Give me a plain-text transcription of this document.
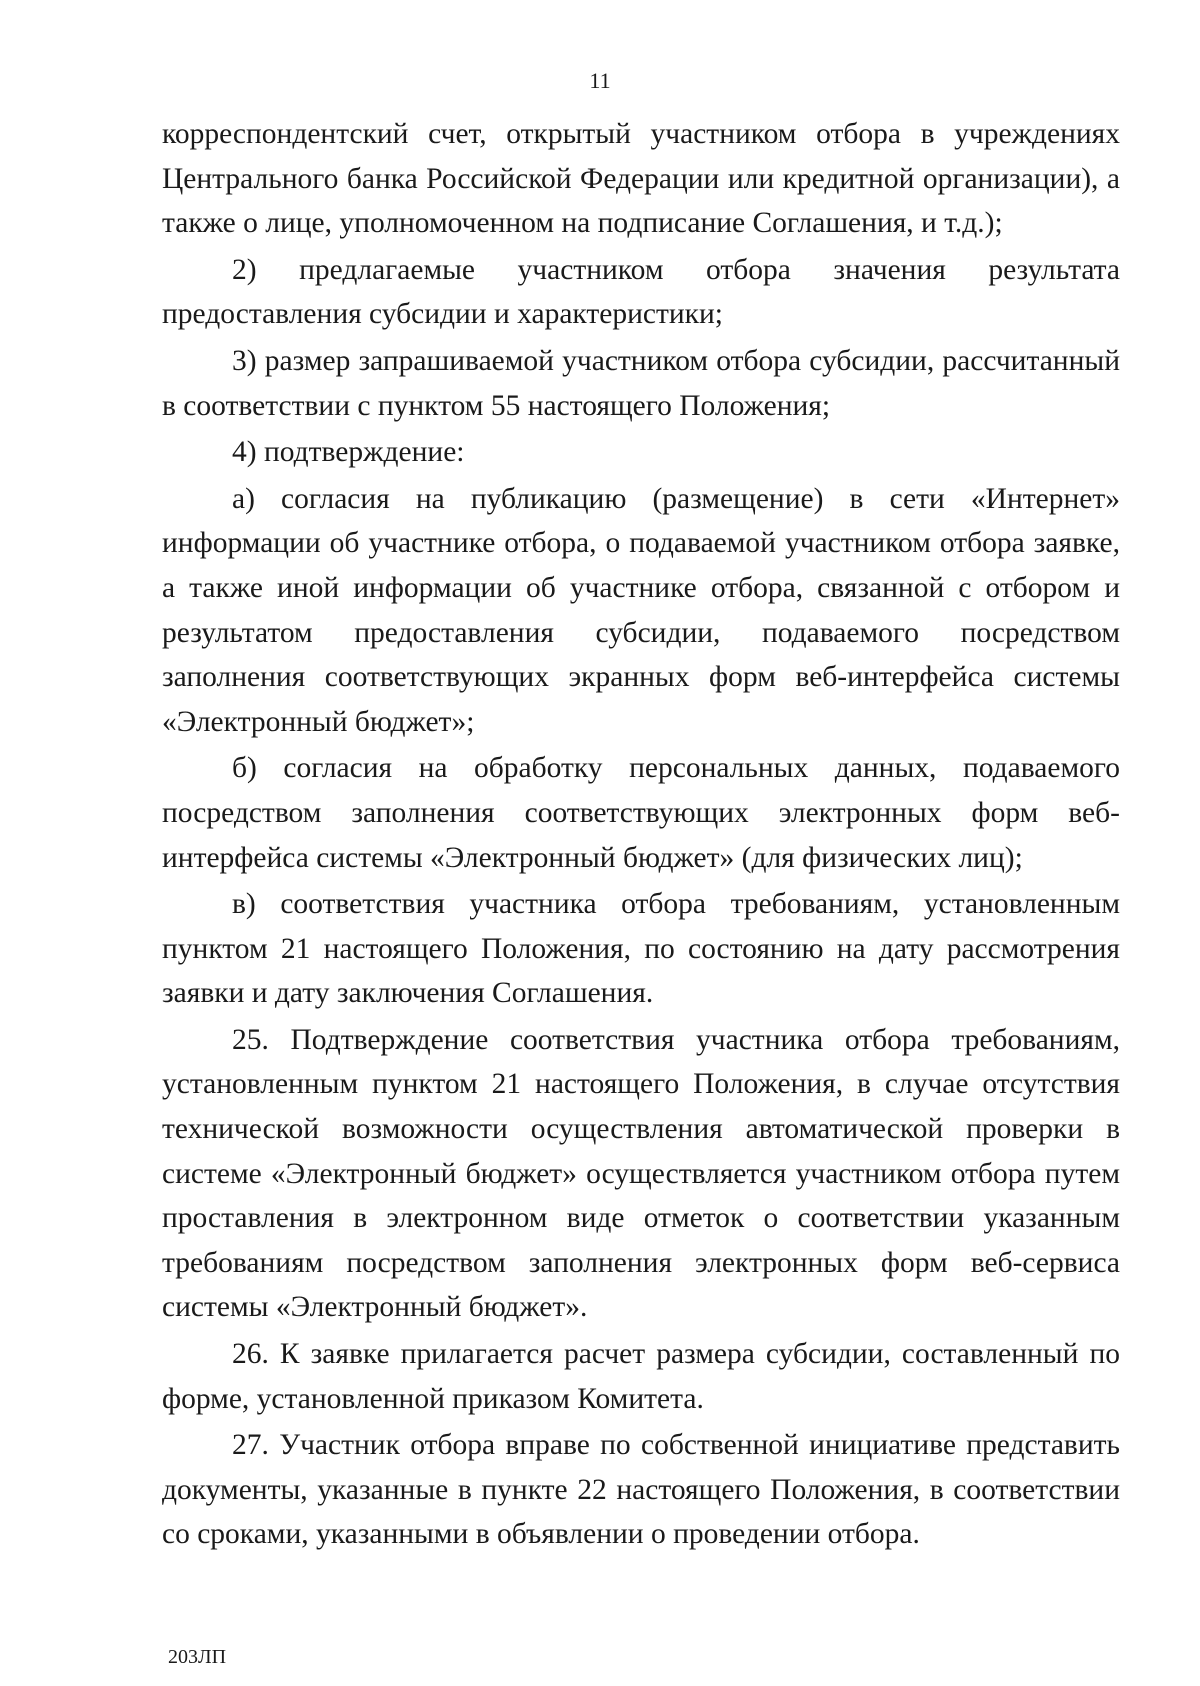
11

корреспондентский счет, открытый участником отбора в учреждениях Центрального банка Российской Федерации или кредитной организации), а также о лице, уполномоченном на подписание Соглашения, и т.д.);

2) предлагаемые участником отбора значения результата предоставления субсидии и характеристики;

3) размер запрашиваемой участником отбора субсидии, рассчитанный в соответствии с пунктом 55 настоящего Положения;

4) подтверждение:

а) согласия на публикацию (размещение) в сети «Интернет» информации об участнике отбора, о подаваемой участником отбора заявке, а также иной информации об участнике отбора, связанной с отбором и результатом предоставления субсидии, подаваемого посредством заполнения соответствующих экранных форм веб-интерфейса системы «Электронный бюджет»;

б) согласия на обработку персональных данных, подаваемого посредством заполнения соответствующих электронных форм веб-интерфейса системы «Электронный бюджет» (для физических лиц);

в) соответствия участника отбора требованиям, установленным пунктом 21 настоящего Положения, по состоянию на дату рассмотрения заявки и дату заключения Соглашения.

25. Подтверждение соответствия участника отбора требованиям, установленным пунктом 21 настоящего Положения, в случае отсутствия технической возможности осуществления автоматической проверки в системе «Электронный бюджет» осуществляется участником отбора путем проставления в электронном виде отметок о соответствии указанным требованиям посредством заполнения электронных форм веб-сервиса системы «Электронный бюджет».

26. К заявке прилагается расчет размера субсидии, составленный по форме, установленной приказом Комитета.

27. Участник отбора вправе по собственной инициативе представить документы, указанные в пункте 22 настоящего Положения, в соответствии со сроками, указанными в объявлении о проведении отбора.

203ЛП
